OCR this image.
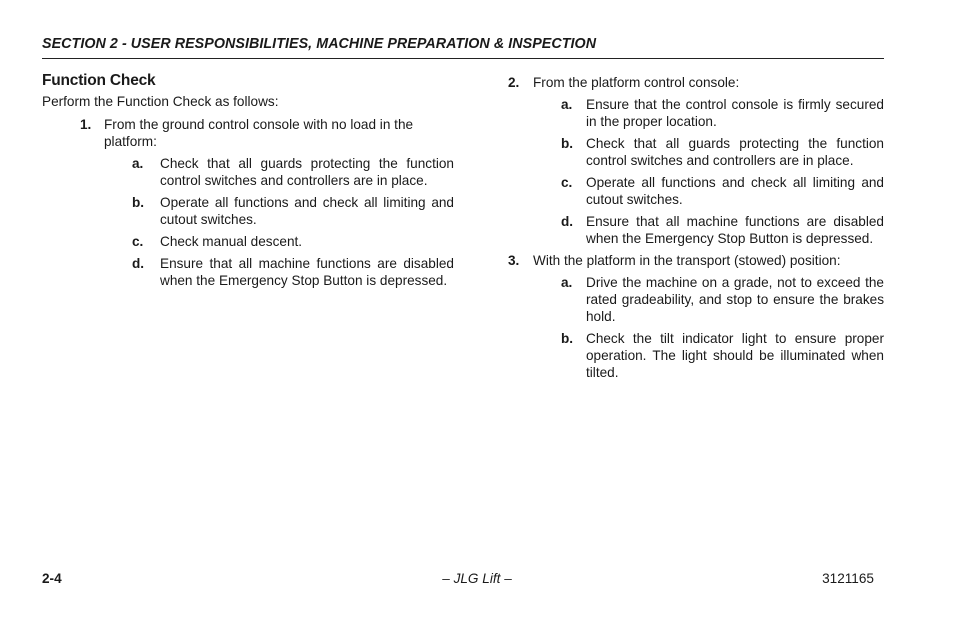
SECTION 2 - USER RESPONSIBILITIES, MACHINE PREPARATION & INSPECTION
Function Check
Perform the Function Check as follows:
1. From the ground control console with no load in the platform:
a. Check that all guards protecting the function control switches and controllers are in place.
b. Operate all functions and check all limiting and cutout switches.
c. Check manual descent.
d. Ensure that all machine functions are disabled when the Emergency Stop Button is depressed.
2. From the platform control console:
a. Ensure that the control console is firmly secured in the proper location.
b. Check that all guards protecting the function control switches and controllers are in place.
c. Operate all functions and check all limiting and cutout switches.
d. Ensure that all machine functions are disabled when the Emergency Stop Button is depressed.
3. With the platform in the transport (stowed) position:
a. Drive the machine on a grade, not to exceed the rated gradeability, and stop to ensure the brakes hold.
b. Check the tilt indicator light to ensure proper operation. The light should be illuminated when tilted.
2-4	– JLG Lift –	3121165
